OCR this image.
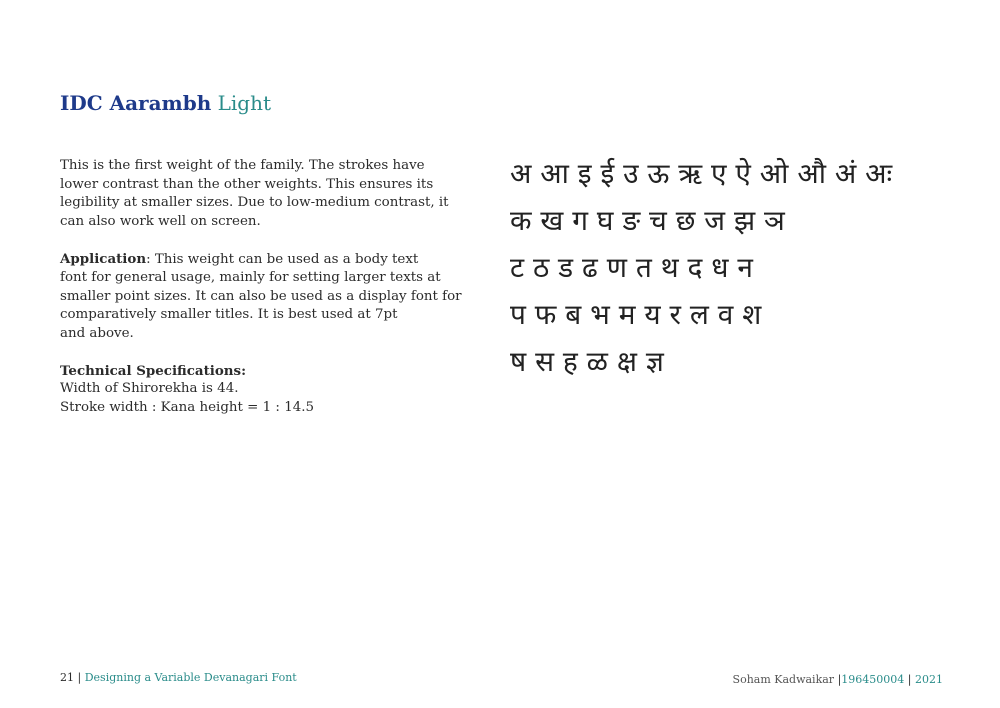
IDC Aarambh Light

This is the first weight of the family. The strokes have
lower contrast than the other weights. This ensures its
legibility at smaller sizes. Due to low-medium contrast, it
can also work well on screen.

Application: This weight can be used as a body text
font for general usage, mainly for setting larger texts at
smaller point sizes. It can also be used as a display font for
comparatively smaller titles. It is best used at 7pt
and above.

Technical Specifications:
Width of Shirorekha is 44.
Stroke width : Kana height = 1 : 14.5

अ आ इ ई उ ऊ ऋ ए ऐ ओ औ अं अः
क ख ग घ ङ च छ ज झ ञ
ट ठ ड ढ ण त थ द ध न
प फ ब भ म य र ल व श
ष स ह ळ क्ष ज्ञ
21 | Designing a Variable Devanagari Font	Soham Kadwaikar |196450004 | 2021
